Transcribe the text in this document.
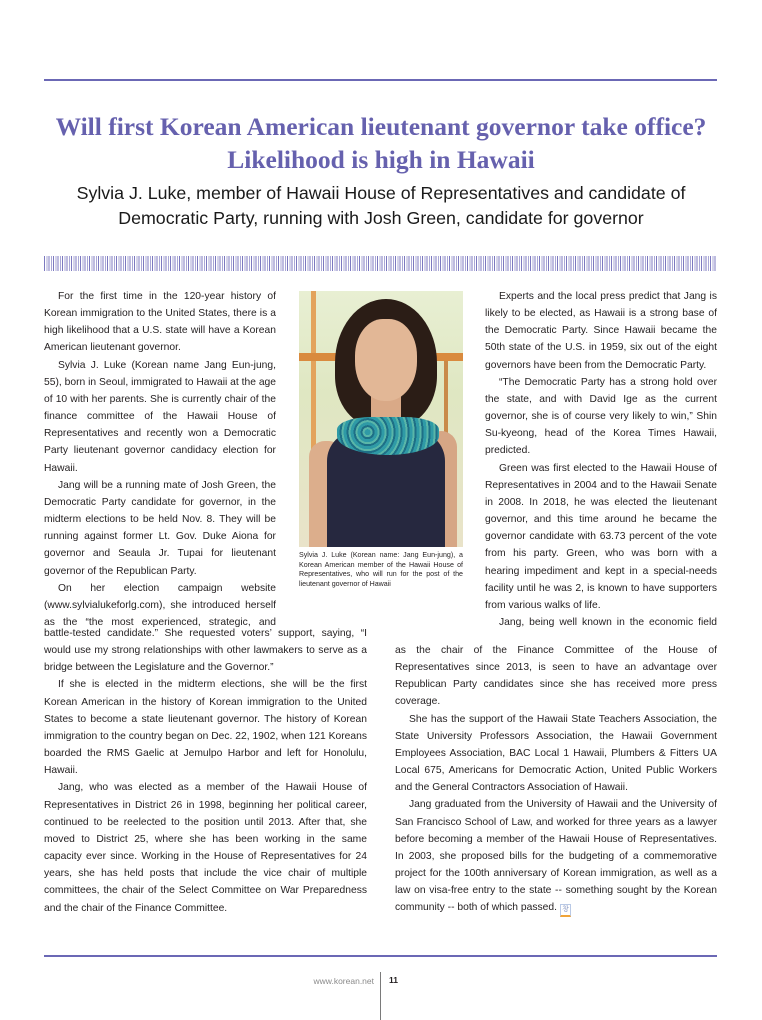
Will first Korean American lieutenant governor take office?
Likelihood is high in Hawaii
Sylvia J. Luke, member of Hawaii House of Representatives and candidate of
Democratic Party, running with Josh Green, candidate for governor

For the first time in the 120-year history of Korean immigration to the United States, there is a high likelihood that a U.S. state will have a Korean American lieutenant governor.

Sylvia J. Luke (Korean name Jang Eun-jung, 55), born in Seoul, immigrated to Hawaii at the age of 10 with her parents. She is currently chair of the finance committee of the Hawaii House of Representatives and recently won a Democratic Party lieutenant governor candidacy election for Hawaii.

Jang will be a running mate of Josh Green, the Democratic Party candidate for governor, in the midterm elections to be held Nov. 8. They will be running against former Lt. Gov. Duke Aiona for governor and Seaula Jr. Tupai for lieutenant governor of the Republican Party.

On her election campaign website (www.sylvialukeforlg.com), she introduced herself as the “the most experienced, strategic, and

Sylvia J. Luke (Korean name: Jang Eun-jung), a Korean American member of the Hawaii House of Representatives, who will run for the post of the lieutenant governor of Hawaii

Experts and the local press predict that Jang is likely to be elected, as Hawaii is a strong base of the Democratic Party. Since Hawaii became the 50th state of the U.S. in 1959, six out of the eight governors have been from the Democratic Party.

“The Democratic Party has a strong hold over the state, and with David Ige as the current governor, she is of course very likely to win,” Shin Su-kyeong, head of the Korea Times Hawaii, predicted.

Green was first elected to the Hawaii House of Representatives in 2004 and to the Hawaii Senate in 2008. In 2018, he was elected the lieutenant governor, and this time around he became the governor candidate with 63.73 percent of the vote from his party. Green, who was born with a hearing impediment and kept in a special-needs facility until he was 2, is known to have supporters from various walks of life.

Jang, being well known in the economic field

battle-tested candidate.” She requested voters’ support, saying, “I would use my strong relationships with other lawmakers to serve as a bridge between the Legislature and the Governor.”

If she is elected in the midterm elections, she will be the first Korean American in the history of Korean immigration to the United States to become a state lieutenant governor. The history of Korean immigration to the country began on Dec. 22, 1902, when 121 Koreans boarded the RMS Gaelic at Jemulpo Harbor and left for Honolulu, Hawaii.

Jang, who was elected as a member of the Hawaii House of Representatives in District 26 in 1998, beginning her political career, continued to be reelected to the position until 2013. After that, she moved to District 25, where she has been working in the same capacity ever since. Working in the House of Representatives for 24 years, she has held posts that include the vice chair of multiple committees, the chair of the Select Committee on War Preparedness and the chair of the Finance Committee.

as the chair of the Finance Committee of the House of Representatives since 2013, is seen to have an advantage over Republican Party candidates since she has received more press coverage.

She has the support of the Hawaii State Teachers Association, the State University Professors Association, the Hawaii Government Employees Association, BAC Local 1 Hawaii, Plumbers & Fitters UA Local 675, Americans for Democratic Action, United Public Workers and the General Contractors Association of Hawaii.

Jang graduated from the University of Hawaii and the University of San Francisco School of Law, and worked for three years as a lawyer before becoming a member of the Hawaii House of Representatives. In 2003, she proposed bills for the budgeting of a commemorative project for the 100th anniversary of Korean immigration, as well as a law on visa-free entry to the state -- something sought by the Korean community -- both of which passed. 창

www.korean.net 11
